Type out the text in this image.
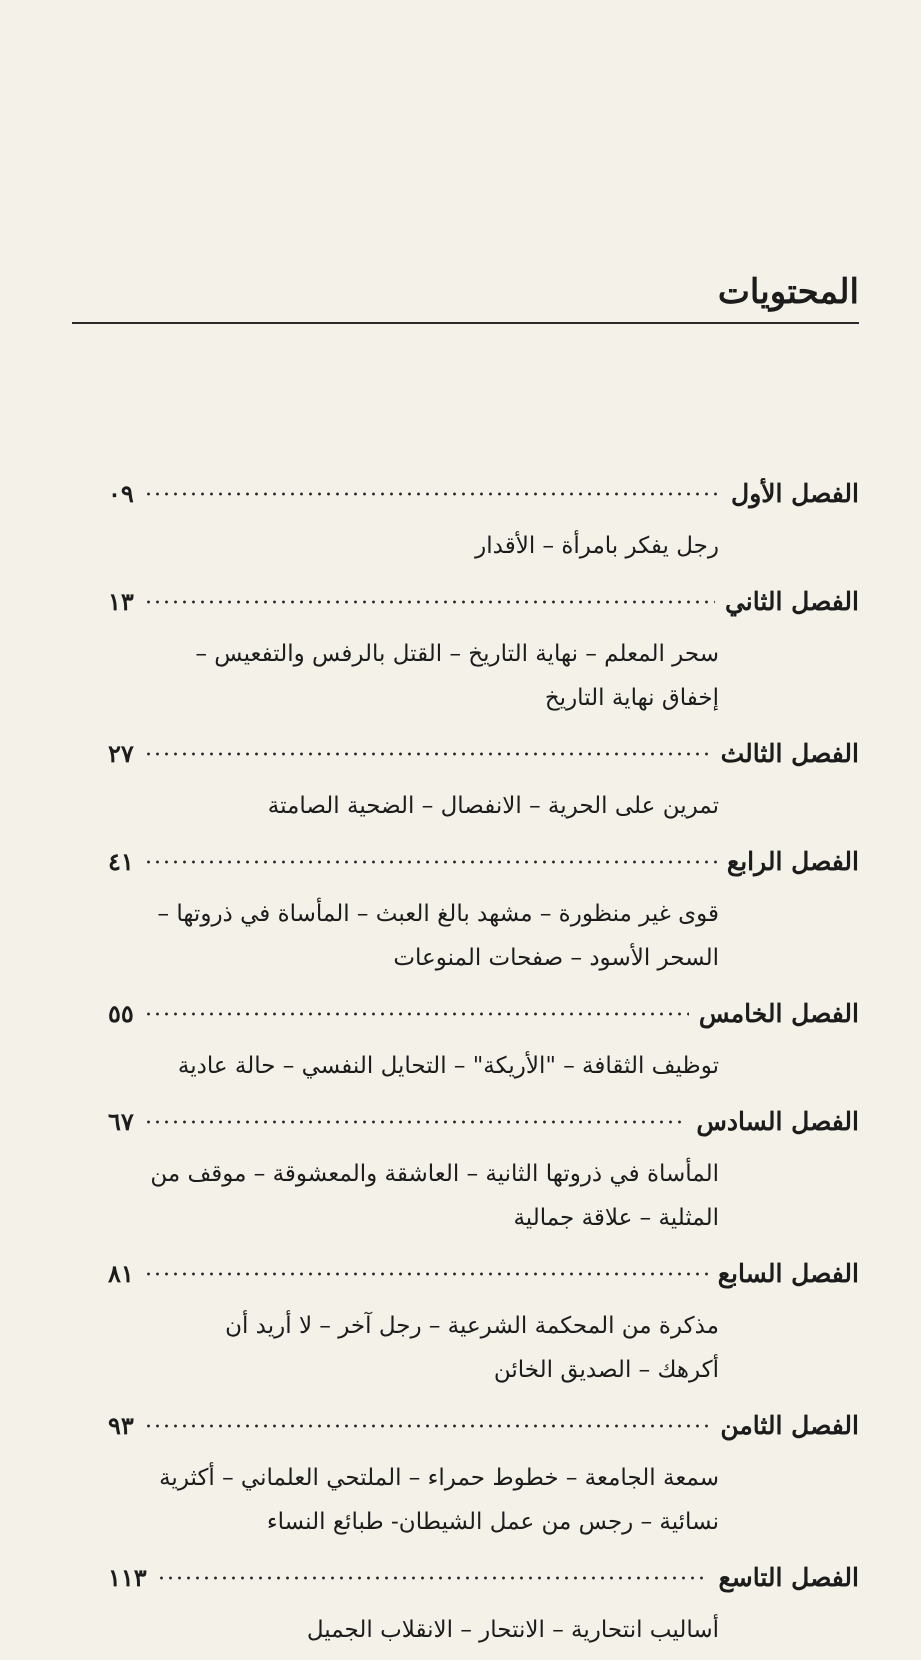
المحتويات
الفصل الأول
٠٩
رجل يفكر بامرأة – الأقدار
الفصل الثاني
١٣
سحر المعلم – نهاية التاريخ – القتل بالرفس والتفعيس –
إخفاق نهاية التاريخ
الفصل الثالث
٢٧
تمرين على الحرية – الانفصال – الضحية الصامتة
الفصل الرابع
٤١
قوى غير منظورة – مشهد بالغ العبث – المأساة في ذروتها –
السحر الأسود – صفحات المنوعات
الفصل الخامس
٥٥
توظيف الثقافة – "الأريكة" – التحايل النفسي – حالة عادية
الفصل السادس
٦٧
المأساة في ذروتها الثانية – العاشقة والمعشوقة – موقف من
المثلية – علاقة جمالية
الفصل السابع
٨١
مذكرة من المحكمة الشرعية – رجل آخر – لا أريد أن
أكرهك – الصديق الخائن
الفصل الثامن
٩٣
سمعة الجامعة – خطوط حمراء – الملتحي العلماني – أكثرية
نسائية – رجس من عمل الشيطان- طبائع النساء
الفصل التاسع
١١٣
أساليب انتحارية – الانتحار – الانقلاب الجميل
